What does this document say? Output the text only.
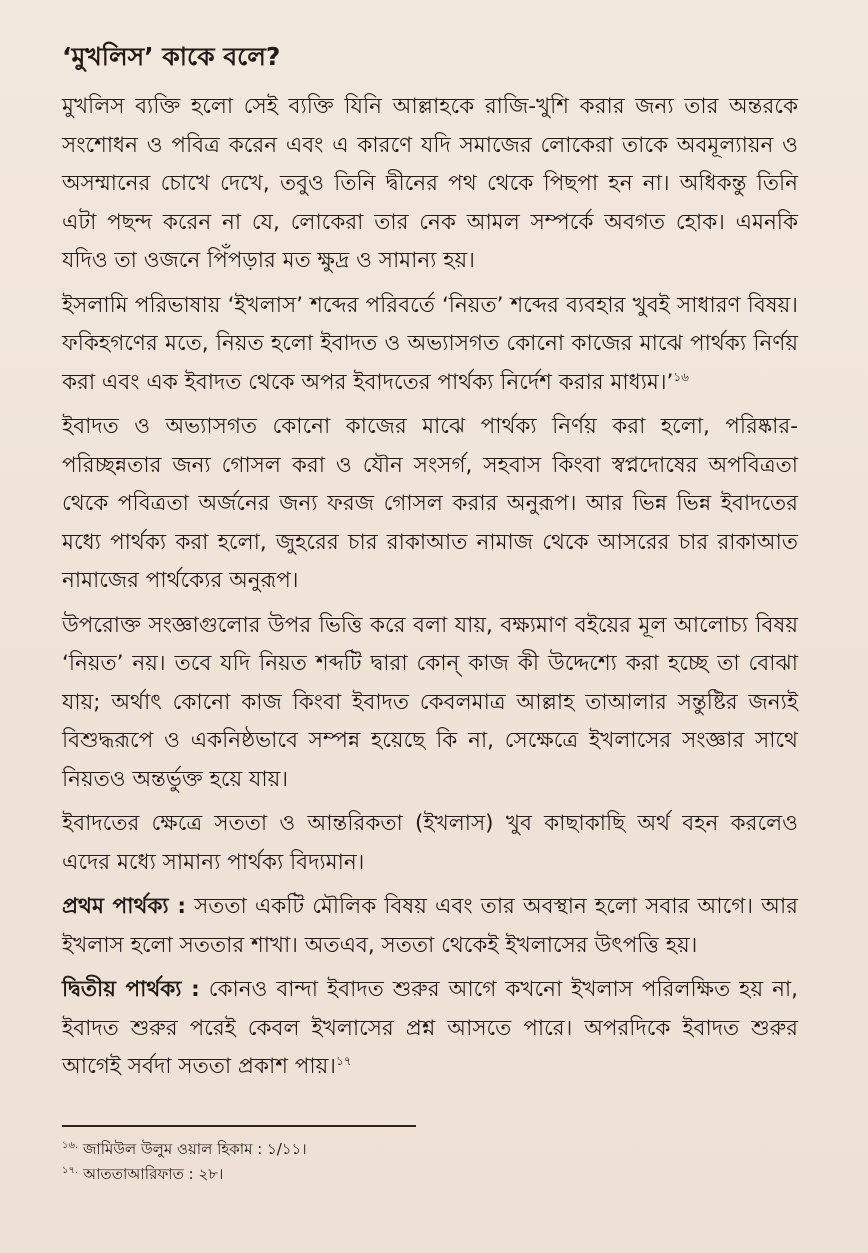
‘মুখলিস’ কাকে বলে?

মুখলিস ব্যক্তি হলো সেই ব্যক্তি যিনি আল্লাহকে রাজি-খুশি করার জন্য তার অন্তরকে সংশোধন ও পবিত্র করেন এবং এ কারণে যদি সমাজের লোকেরা তাকে অবমূল্যায়ন ও অসম্মানের চোখে দেখে, তবুও তিনি দ্বীনের পথ থেকে পিছপা হন না। অধিকন্তু তিনি এটা পছন্দ করেন না যে, লোকেরা তার নেক আমল সম্পর্কে অবগত হোক। এমনকি যদিও তা ওজনে পিঁপড়ার মত ক্ষুদ্র ও সামান্য হয়।

ইসলামি পরিভাষায় ‘ইখলাস’ শব্দের পরিবর্তে ‘নিয়ত’ শব্দের ব্যবহার খুবই সাধারণ বিষয়। ফকিহগণের মতে, নিয়ত হলো ইবাদত ও অভ্যাসগত কোনো কাজের মাঝে পার্থক্য নির্ণয় করা এবং এক ইবাদত থেকে অপর ইবাদতের পার্থক্য নির্দেশ করার মাধ্যম।’$^{১৬}$

ইবাদত ও অভ্যাসগত কোনো কাজের মাঝে পার্থক্য নির্ণয় করা হলো, পরিষ্কার-পরিচ্ছন্নতার জন্য গোসল করা ও যৌন সংসর্গ, সহবাস কিংবা স্বপ্নদোষের অপবিত্রতা থেকে পবিত্রতা অর্জনের জন্য ফরজ গোসল করার অনুরূপ। আর ভিন্ন ভিন্ন ইবাদতের মধ্যে পার্থক্য করা হলো, জুহরের চার রাকাআত নামাজ থেকে আসরের চার রাকাআত নামাজের পার্থক্যের অনুরূপ।

উপরোক্ত সংজ্ঞাগুলোর উপর ভিত্তি করে বলা যায়, বক্ষ্যমাণ বইয়ের মূল আলোচ্য বিষয় ‘নিয়ত’ নয়। তবে যদি নিয়ত শব্দটি দ্বারা কোন্ কাজ কী উদ্দেশ্যে করা হচ্ছে তা বোঝা যায়; অর্থাৎ কোনো কাজ কিংবা ইবাদত কেবলমাত্র আল্লাহ তাআলার সন্তুষ্টির জন্যই বিশুদ্ধরূপে ও একনিষ্ঠভাবে সম্পন্ন হয়েছে কি না, সেক্ষেত্রে ইখলাসের সংজ্ঞার সাথে নিয়তও অন্তর্ভুক্ত হয়ে যায়।

ইবাদতের ক্ষেত্রে সততা ও আন্তরিকতা (ইখলাস) খুব কাছাকাছি অর্থ বহন করলেও এদের মধ্যে সামান্য পার্থক্য বিদ্যমান।

প্রথম পার্থক্য : সততা একটি মৌলিক বিষয় এবং তার অবস্থান হলো সবার আগে। আর ইখলাস হলো সততার শাখা। অতএব, সততা থেকেই ইখলাসের উৎপত্তি হয়।

দ্বিতীয় পার্থক্য : কোনও বান্দা ইবাদত শুরুর আগে কখনো ইখলাস পরিলক্ষিত হয় না, ইবাদত শুরুর পরেই কেবল ইখলাসের প্রশ্ন আসতে পারে। অপরদিকে ইবাদত শুরুর আগেই সর্বদা সততা প্রকাশ পায়।$^{১৭}$

$^{১৬.}$ জামিউল উলুম ওয়াল হিকাম : ১/১১।

$^{১৭.}$ আততাআরিফাত : ২৮।
